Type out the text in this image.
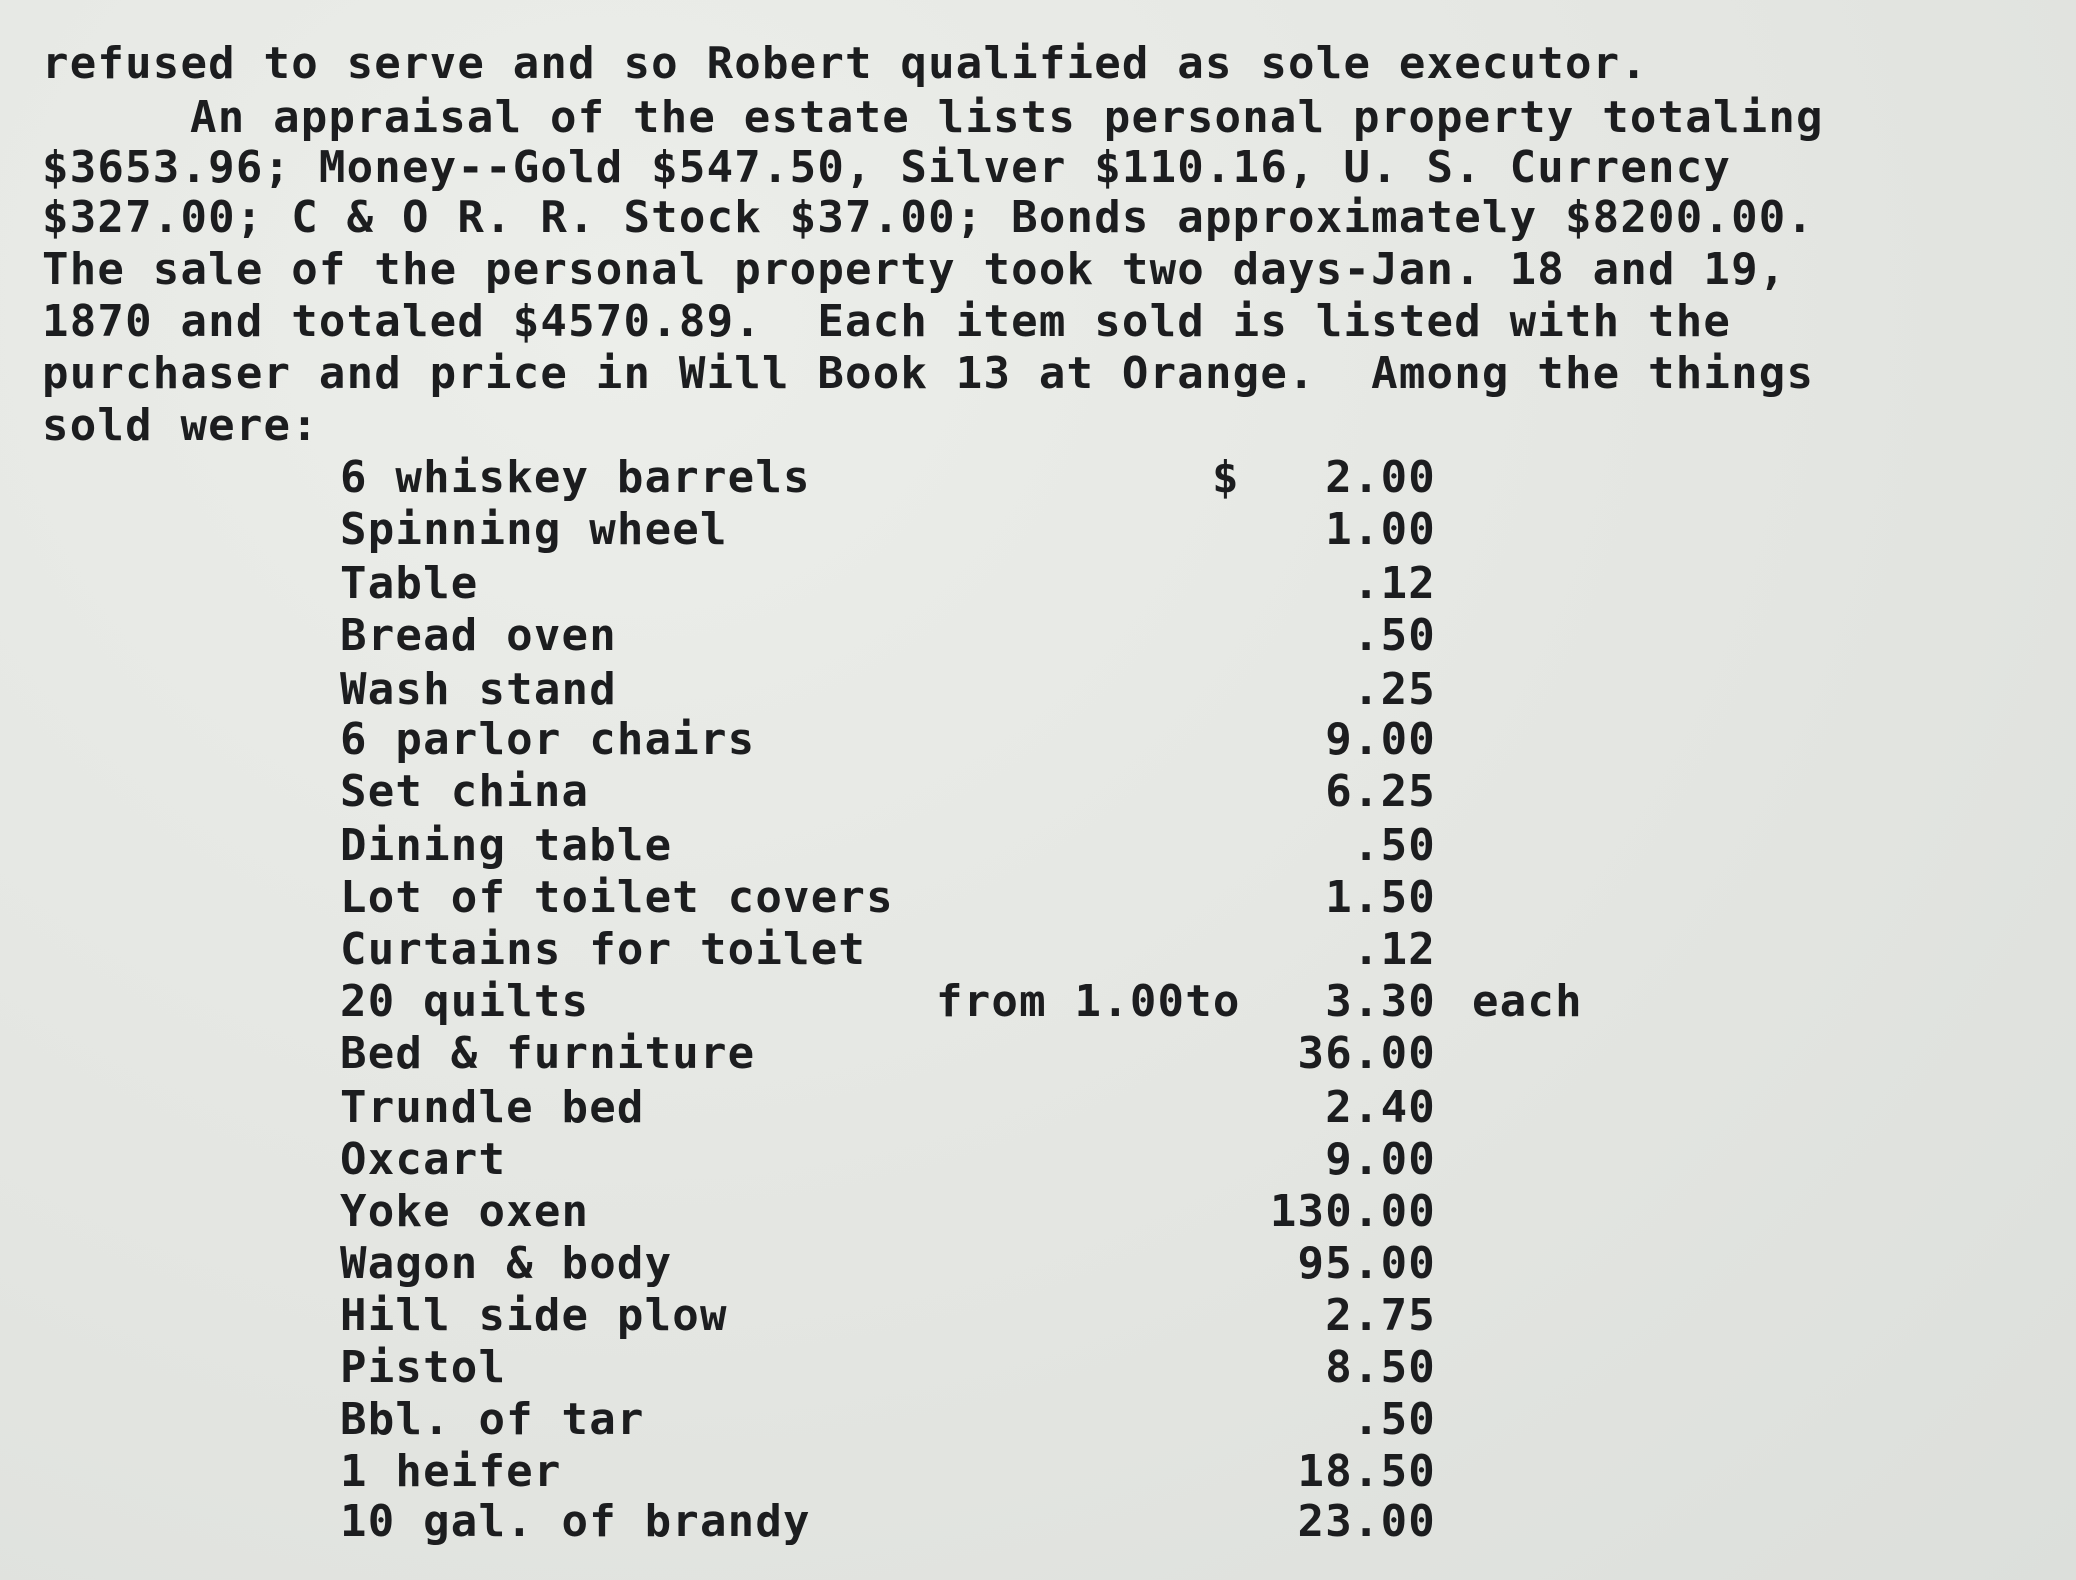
refused to serve and so Robert qualified as sole executor.
An appraisal of the estate lists personal property totaling
$3653.96; Money--Gold $547.50, Silver $110.16, U. S. Currency
$327.00; C & O R. R. Stock $37.00; Bonds approximately $8200.00.
The sale of the personal property took two days-Jan. 18 and 19,
1870 and totaled $4570.89.  Each item sold is listed with the
purchaser and price in Will Book 13 at Orange.  Among the things
sold were:
$
6 whiskey barrels	2.00
Spinning wheel	1.00
Table	.12
Bread oven	.50
Wash stand	.25
6 parlor chairs	9.00
Set china	6.25
Dining table	.50
Lot of toilet covers	1.50
Curtains for toilet	.12
20 quilts	from 1.00to 3.30 each
Bed & furniture	36.00
Trundle bed	2.40
Oxcart	9.00
Yoke oxen	130.00
Wagon & body	95.00
Hill side plow	2.75
Pistol	8.50
Bbl. of tar	.50
1 heifer	18.50
10 gal. of brandy	23.00
